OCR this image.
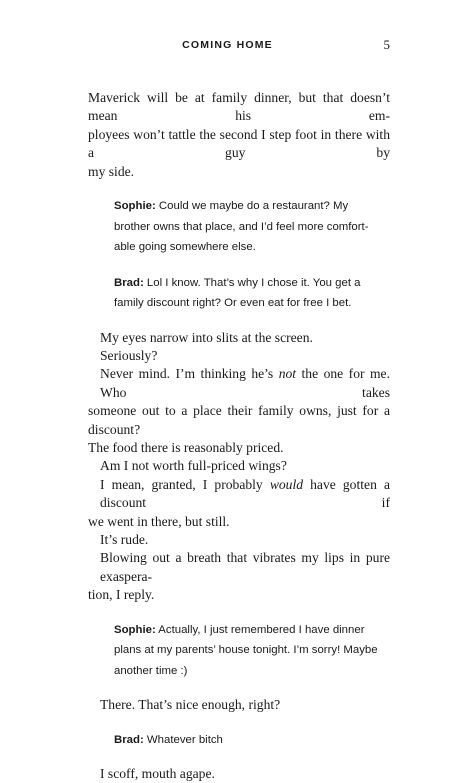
COMING HOME	5
Maverick will be at family dinner, but that doesn’t mean his em-
ployees won’t tattle the second I step foot in there with a guy by
my side.
Sophie: Could we maybe do a restaurant? My
brother owns that place, and I’d feel more comfort-
able going somewhere else.
Brad: Lol I know. That’s why I chose it. You get a
family discount right? Or even eat for free I bet.

My eyes narrow into slits at the screen.

Seriously?

Never mind. I’m thinking he’s not the one for me. Who takes
someone out to a place their family owns, just for a discount?
The food there is reasonably priced.

Am I not worth full-priced wings?

I mean, granted, I probably would have gotten a discount if
we went in there, but still.

It’s rude.

Blowing out a breath that vibrates my lips in pure exaspera-
tion, I reply.
Sophie: Actually, I just remembered I have dinner
plans at my parents’ house tonight. I’m sorry! Maybe
another time :)

There. That’s nice enough, right?

Brad: Whatever bitch

I scoff, mouth agape.
